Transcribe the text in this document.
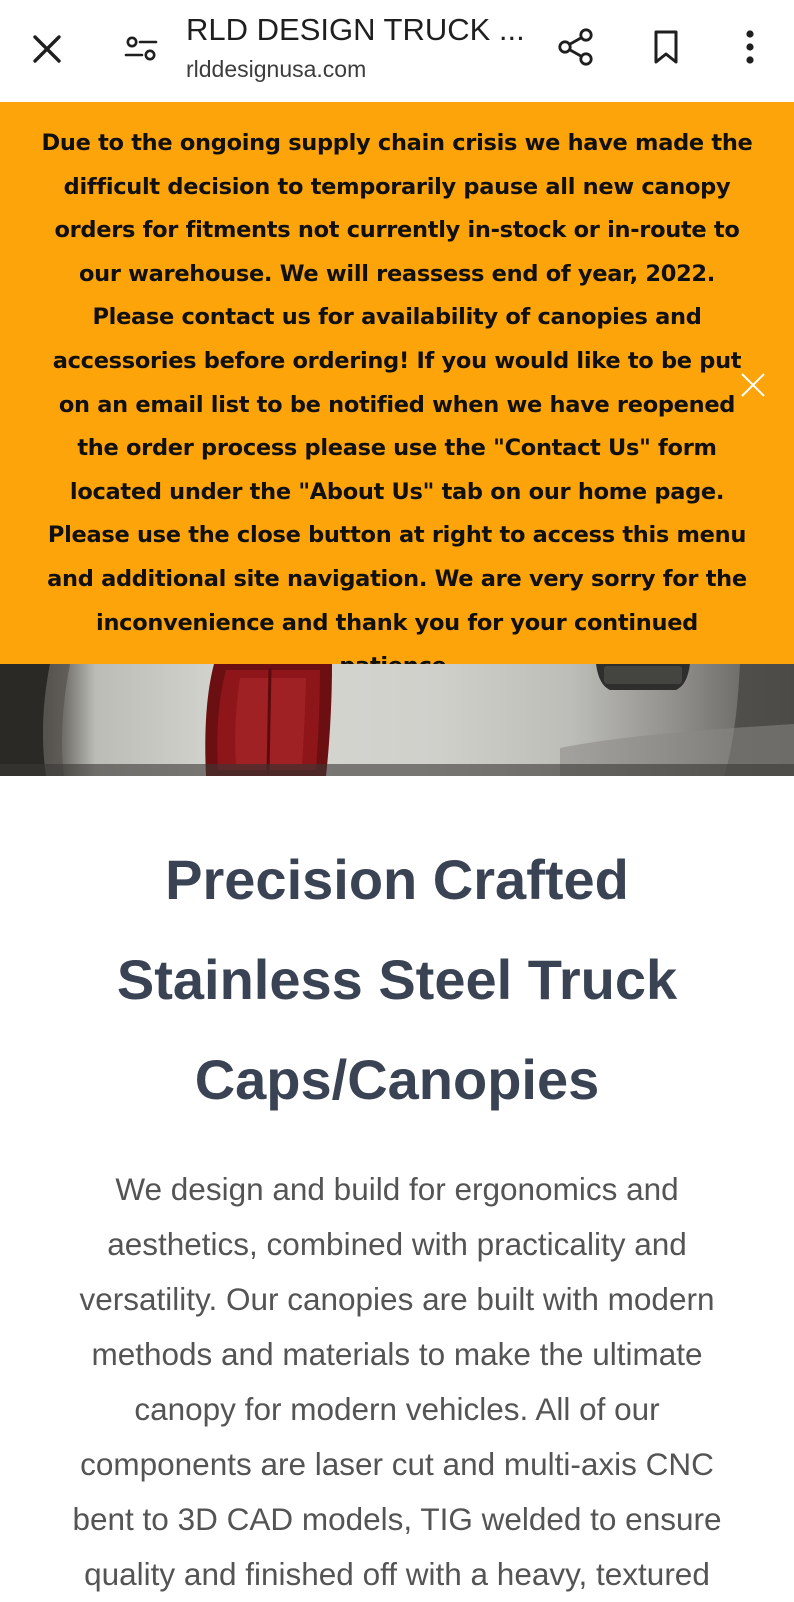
RLD DESIGN TRUCK ...
rlddesignusa.com
Due to the ongoing supply chain crisis we have made the difficult decision to temporarily pause all new canopy orders for fitments not currently in-stock or in-route to our warehouse. We will reassess end of year, 2022. Please contact us for availability of canopies and accessories before ordering! If you would like to be put on an email list to be notified when we have reopened the order process please use the "Contact Us" form located under the "About Us" tab on our home page. Please use the close button at right to access this menu and additional site navigation. We are very sorry for the inconvenience and thank you for your continued
Precision Crafted Stainless Steel Truck Caps/Canopies
We design and build for ergonomics and aesthetics, combined with practicality and versatility. Our canopies are built with modern methods and materials to make the ultimate canopy for modern vehicles. All of our components are laser cut and multi-axis CNC bent to 3D CAD models, TIG welded to ensure quality and finished off with a heavy, textured
